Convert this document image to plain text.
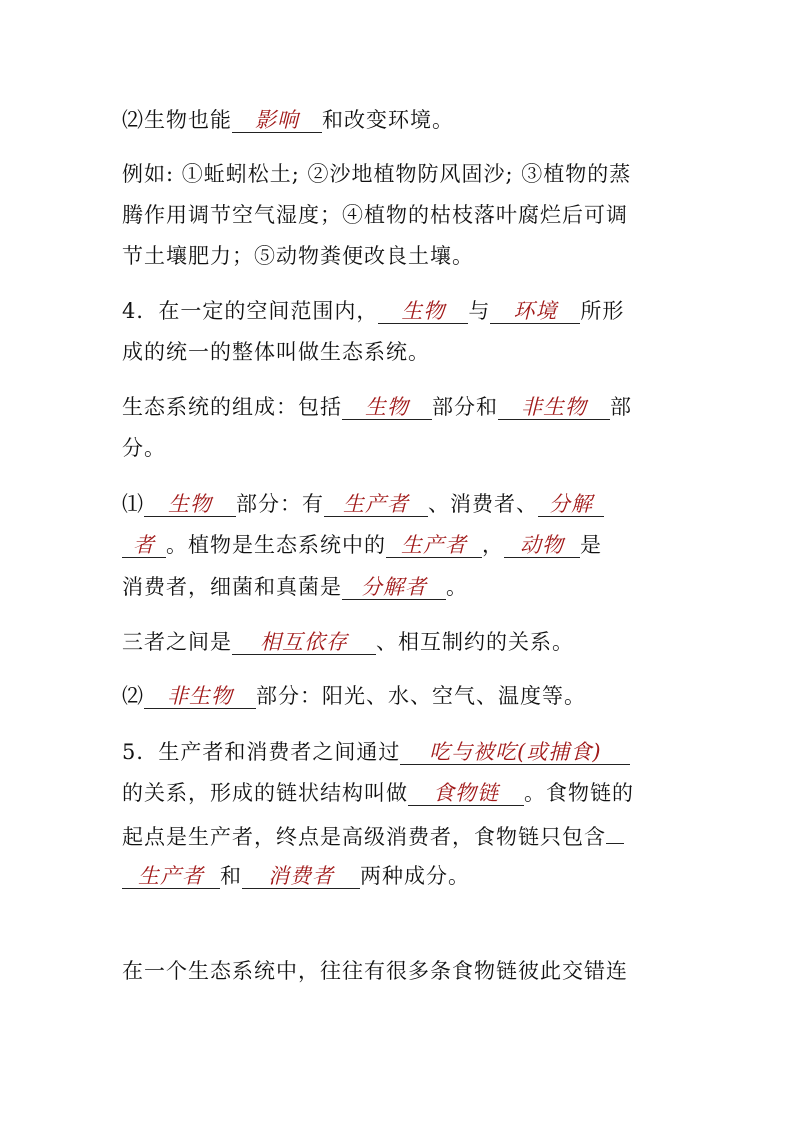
⑵生物也能 影响 和改变环境。
例如: ①蚯蚓松土; ②沙地植物防风固沙; ③植物的蒸
腾作用调节空气湿度；④植物的枯枝落叶腐烂后可调
节土壤肥力；⑤动物粪便改良土壤。
4．在一定的空间范围内， 生物 与 环境 所形
成的统一的整体叫做生态系统。
生态系统的组成：包括 生物 部分和 非生物 部
分。
⑴ 生物 部分：有 生产者 、消费者、 分解
者 。植物是生态系统中的 生产者 ， 动物 是
消费者，细菌和真菌是 分解者 。
三者之间是 相互依存 、相互制约的关系。
⑵ 非生物 部分：阳光、水、空气、温度等。
5．生产者和消费者之间通过 吃与被吃(或捕食)
的关系，形成的链状结构叫做 食物链 。食物链的
起点是生产者，终点是高级消费者，食物链只包含
生产者 和 消费者 两种成分。
在一个生态系统中，往往有很多条食物链彼此交错连
